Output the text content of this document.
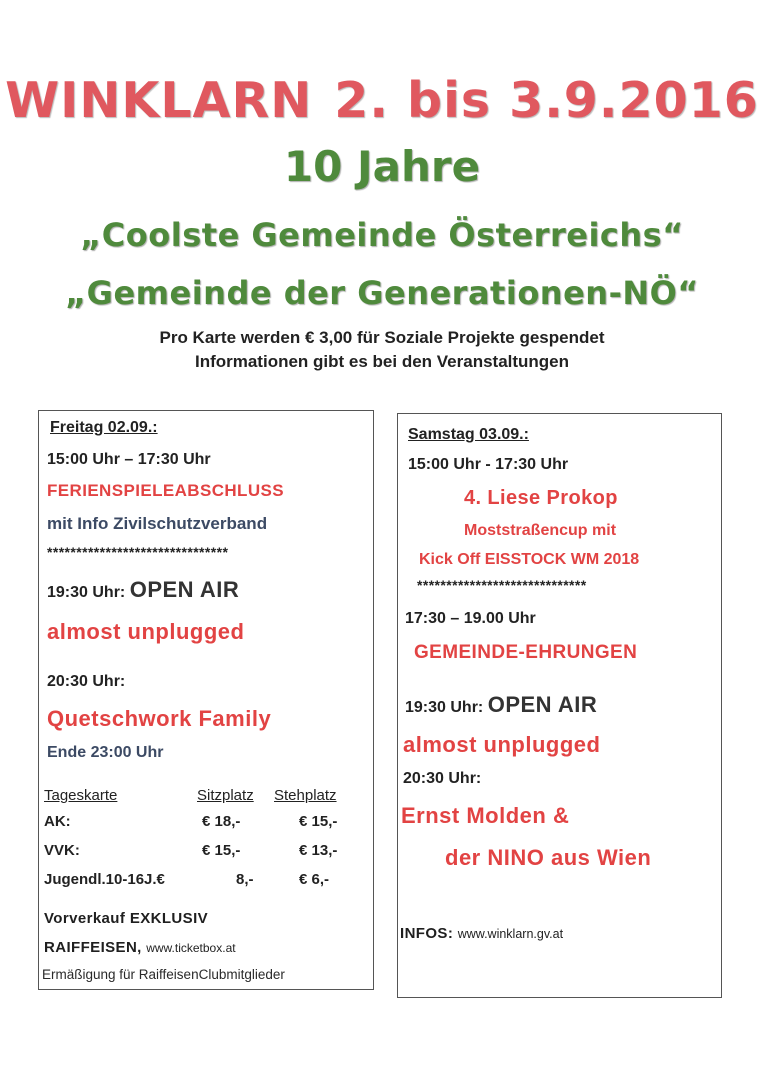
WINKLARN 2. bis 3.9.2016
10 Jahre
„Coolste Gemeinde Österreichs“
„Gemeinde der Generationen-NÖ“
Pro Karte werden € 3,00 für Soziale Projekte gespendet
Informationen gibt es bei den Veranstaltungen
Freitag 02.09.:
15:00 Uhr – 17:30 Uhr
FERIENSPIELEABSCHLUSS
mit Info Zivilschutzverband
*******************************
19:30 Uhr: OPEN AIR
almost unplugged
20:30 Uhr:
Quetschwork Family
Ende 23:00 Uhr
Tageskarte	Sitzplatz Stehplatz
AK:	€ 18,-	€ 15,-
VVK:	€ 15,-	€ 13,-
Jugendl.10-16J.€	8,-	€ 6,-
Vorverkauf EXKLUSIV
RAIFFEISEN, www.ticketbox.at
Ermäßigung für RaiffeisenClubmitglieder
Samstag 03.09.:
15:00 Uhr - 17:30 Uhr
4. Liese Prokop
Moststraßencup mit
Kick Off EISSTOCK WM 2018
*****************************
17:30 – 19.00 Uhr
GEMEINDE-EHRUNGEN
19:30 Uhr: OPEN AIR
almost unplugged
20:30 Uhr:
Ernst Molden &
der NINO aus Wien
INFOS: www.winklarn.gv.at
